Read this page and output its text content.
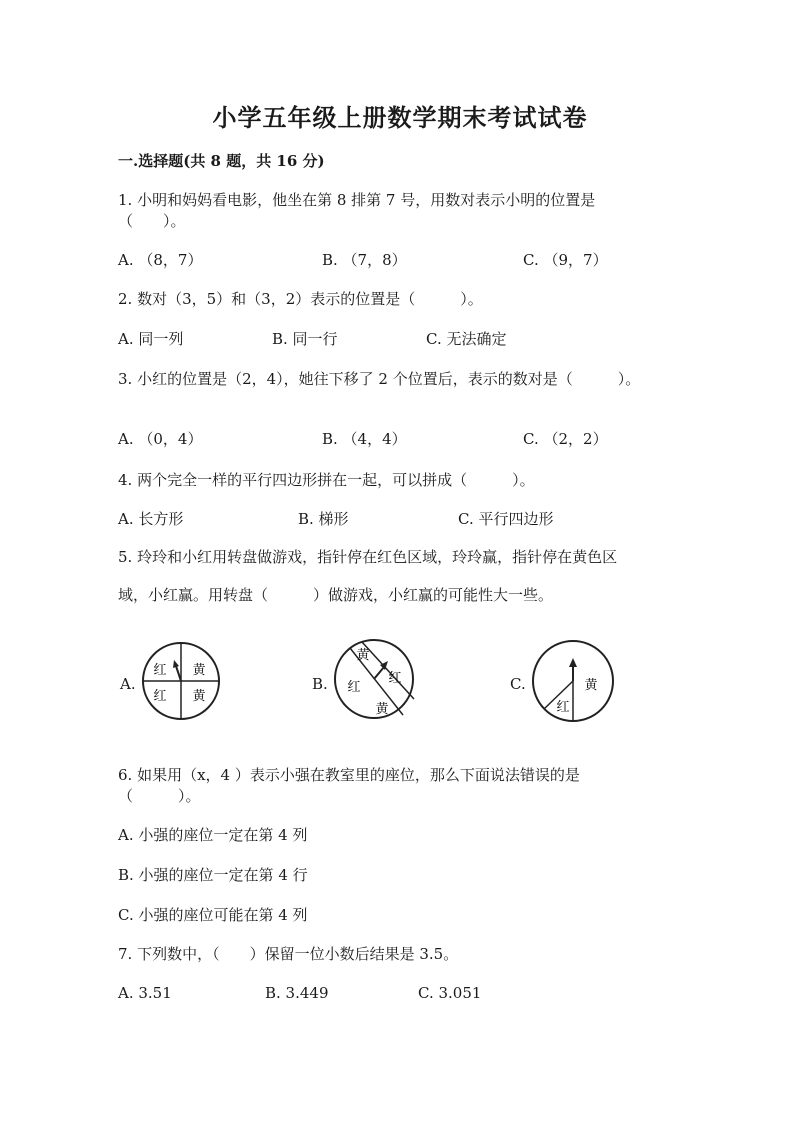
小学五年级上册数学期末考试试卷
一.选择题(共 8 题，共 16 分)
1. 小明和妈妈看电影，他坐在第 8 排第 7 号，用数对表示小明的位置是
（　　）。
A. （8，7）	B. （7，8）	C. （9，7）
2. 数对（3，5）和（3，2）表示的位置是（　　　）。
A. 同一列	B. 同一行	C. 无法确定
3. 小红的位置是（2，4），她往下移了 2 个位置后，表示的数对是（　　　）。
A. （0，4）	B. （4，4）	C. （2，2）
4. 两个完全一样的平行四边形拼在一起，可以拼成（　　　）。
A. 长方形	B. 梯形	C. 平行四边形
5. 玲玲和小红用转盘做游戏，指针停在红色区域，玲玲赢，指针停在黄色区
域，小红赢。用转盘（　　　）做游戏，小红赢的可能性大一些。
A.
红 黄
红 黄
B.
黄
红
红
黄
C.
红
黄
6. 如果用（x，4 ）表示小强在教室里的座位，那么下面说法错误的是
（　　　）。
A. 小强的座位一定在第 4 列
B. 小强的座位一定在第 4 行
C. 小强的座位可能在第 4 列
7. 下列数中，（　　）保留一位小数后结果是 3.5。
A. 3.51	B. 3.449	C. 3.051
